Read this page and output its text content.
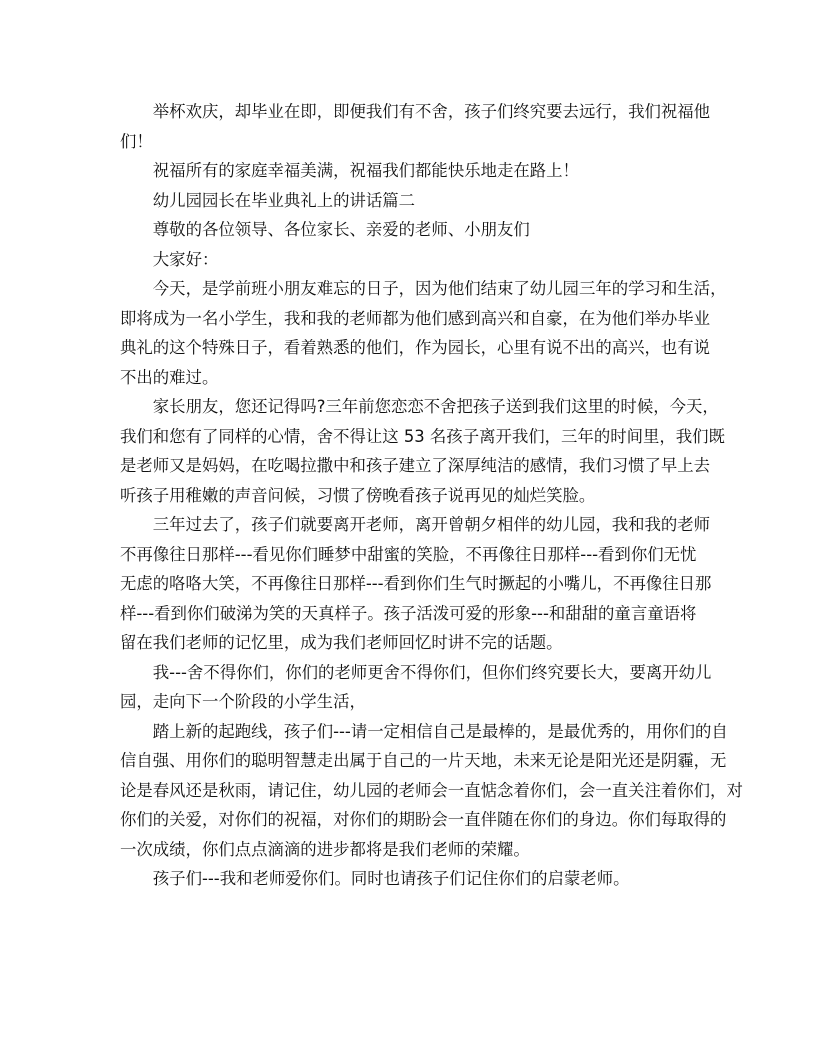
举杯欢庆，却毕业在即，即便我们有不舍，孩子们终究要去远行，我们祝福他
们！

祝福所有的家庭幸福美满，祝福我们都能快乐地走在路上！

幼儿园园长在毕业典礼上的讲话篇二

尊敬的各位领导、各位家长、亲爱的老师、小朋友们

大家好：

今天，是学前班小朋友难忘的日子，因为他们结束了幼儿园三年的学习和生活，
即将成为一名小学生，我和我的老师都为他们感到高兴和自豪，在为他们举办毕业
典礼的这个特殊日子，看着熟悉的他们，作为园长，心里有说不出的高兴，也有说
不出的难过。

家长朋友，您还记得吗?三年前您恋恋不舍把孩子送到我们这里的时候，今天，
我们和您有了同样的心情，舍不得让这 53 名孩子离开我们，三年的时间里，我们既
是老师又是妈妈，在吃喝拉撒中和孩子建立了深厚纯洁的感情，我们习惯了早上去
听孩子用稚嫩的声音问候，习惯了傍晚看孩子说再见的灿烂笑脸。

三年过去了，孩子们就要离开老师，离开曾朝夕相伴的幼儿园，我和我的老师
不再像往日那样---看见你们睡梦中甜蜜的笑脸，不再像往日那样---看到你们无忧
无虑的咯咯大笑，不再像往日那样---看到你们生气时撅起的小嘴儿，不再像往日那
样---看到你们破涕为笑的天真样子。孩子活泼可爱的形象---和甜甜的童言童语将
留在我们老师的记忆里，成为我们老师回忆时讲不完的话题。

我---舍不得你们，你们的老师更舍不得你们，但你们终究要长大，要离开幼儿
园，走向下一个阶段的小学生活，

踏上新的起跑线，孩子们---请一定相信自己是最棒的，是最优秀的，用你们的自
信自强、用你们的聪明智慧走出属于自己的一片天地，未来无论是阳光还是阴霾，无
论是春风还是秋雨，请记住，幼儿园的老师会一直惦念着你们，会一直关注着你们，对
你们的关爱，对你们的祝福，对你们的期盼会一直伴随在你们的身边。你们每取得的
一次成绩，你们点点滴滴的进步都将是我们老师的荣耀。

孩子们---我和老师爱你们。同时也请孩子们记住你们的启蒙老师。
